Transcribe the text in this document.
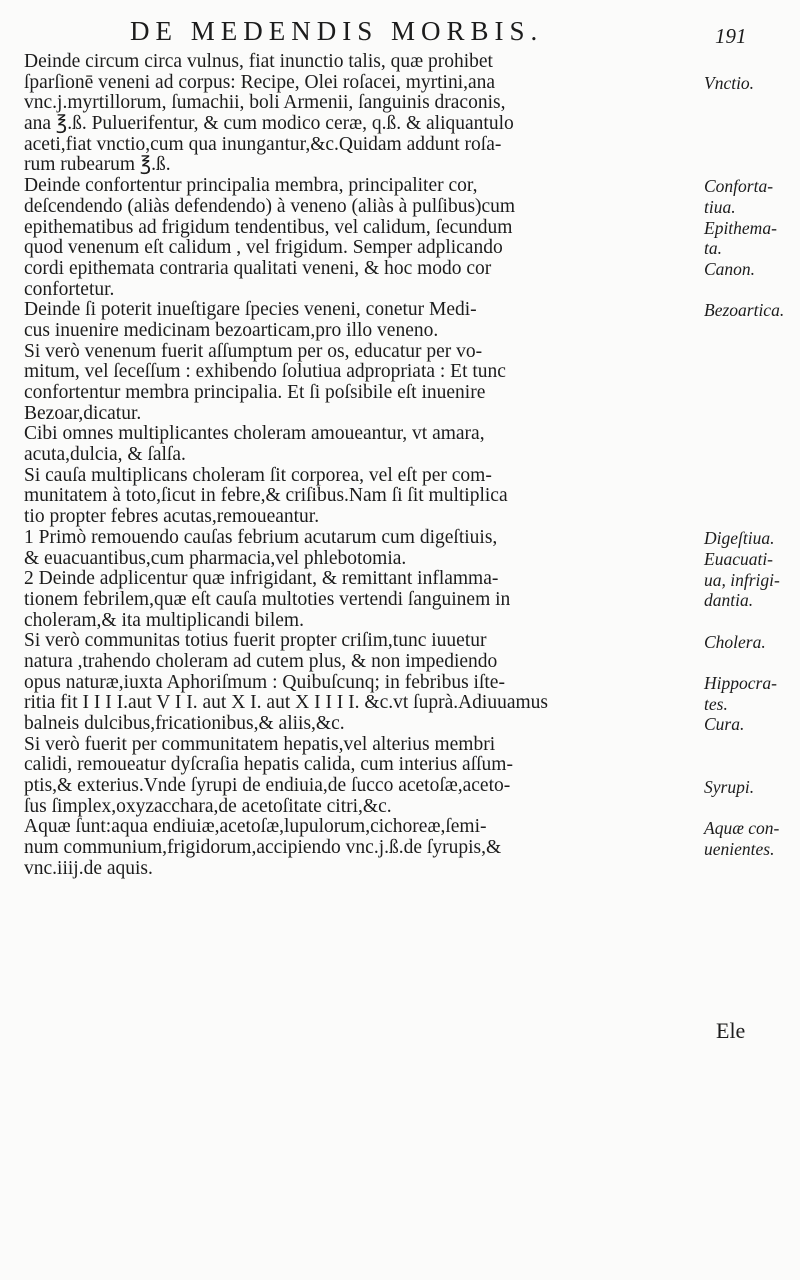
DE MEDENDIS MORBIS.	191
Deinde circum circa vulnus, fiat inunctio talis, quæ prohibet
ſparſionē veneni ad corpus: Recipe, Olei roſacei, myrtini,ana
vnc.j.myrtillorum, ſumachii, boli Armenii, ſanguinis draconis,
ana ℥.ß. Puluerifentur, & cum modico ceræ, q.ß. & aliquantulo
aceti,fiat vnctio,cum qua inungantur,&c.Quidam addunt roſa-
rum rubearum ℥.ß.
Deinde confortentur principalia membra, principaliter cor,
deſcendendo (aliàs defendendo) à veneno (aliàs à pulſibus)cum
epithematibus ad frigidum tendentibus, vel calidum, ſecundum
quod venenum eſt calidum , vel frigidum. Semper adplicando
cordi epithemata contraria qualitati veneni, & hoc modo cor
confortetur.
Deinde ſi poterit inueſtigare ſpecies veneni, conetur Medi-
cus inuenire medicinam bezoarticam,pro illo veneno.
Si verò venenum fuerit aſſumptum per os, educatur per vo-
mitum, vel ſeceſſum : exhibendo ſolutiua adpropriata : Et tunc
confortentur membra principalia. Et ſi poſsibile eſt inuenire
Bezoar,dicatur.
Cibi omnes multiplicantes choleram amoueantur, vt amara,
acuta,dulcia, & ſalſa.
Si cauſa multiplicans choleram ſit corporea, vel eſt per com-
munitatem à toto,ſicut in febre,& criſibus.Nam ſi ſit multiplica
tio propter febres acutas,remoueantur.
1 Primò remouendo cauſas febrium acutarum cum digeſtiuis,
& euacuantibus,cum pharmacia,vel phlebotomia.
2 Deinde adplicentur quæ infrigidant, & remittant inflamma-
tionem febrilem,quæ eſt cauſa multoties vertendi ſanguinem in
choleram,& ita multiplicandi bilem.
Si verò communitas totius fuerit propter criſim,tunc iuuetur
natura ,trahendo choleram ad cutem plus, & non impediendo
opus naturæ,iuxta Aphoriſmum : Quibuſcunq; in febribus iſte-
ritia fit I I I I.aut V I I. aut X I. aut X I I I I. &c.vt ſuprà.Adiuuamus
balneis dulcibus,fricationibus,& aliis,&c.
Si verò fuerit per communitatem hepatis,vel alterius membri
calidi, remoueatur dyſcraſia hepatis calida, cum interius aſſum-
ptis,& exterius.Vnde ſyrupi de endiuia,de ſucco acetoſæ,aceto-
ſus ſimplex,oxyzacchara,de acetoſitate citri,&c.
Aquæ ſunt:aqua endiuiæ,acetoſæ,lupulorum,cichoreæ,ſemi-
num communium,frigidorum,accipiendo vnc.j.ß.de ſyrupis,&
vnc.iiij.de aquis.
Vnctio.
Conforta-
tiua.
Epithema-
ta.
Canon.
Bezoartica.
Digeſtiua.
Euacuati-
ua, infrigi-
dantia.
Cholera.
Hippocra-
tes.
Cura.
Syrupi.
Aquæ con-
uenientes.
Ele
